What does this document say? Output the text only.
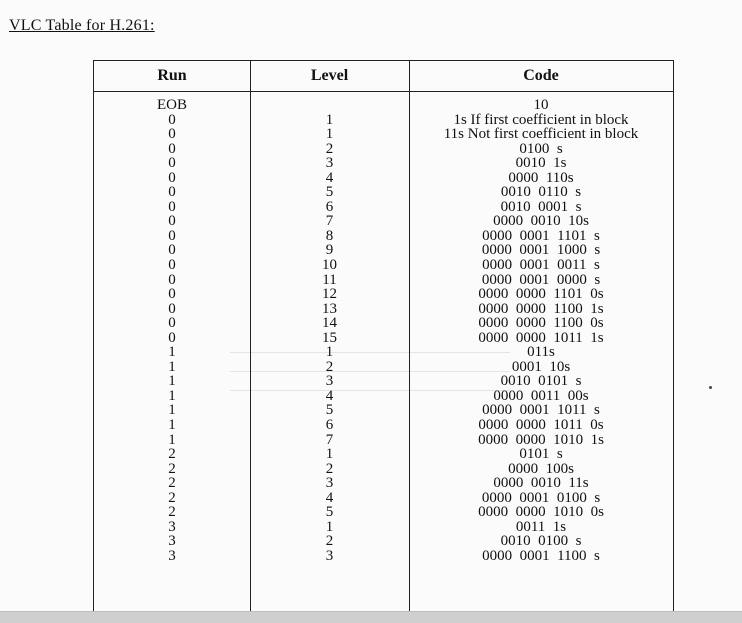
VLC Table for H.261:
Run	Level	Code
EOB
0
0
0
0
0
0
0
0
0
0
0
0
0
0
0
0
1
1
1
1
1
1
1
2
2
2
2
2
3
3
3
1
1
2
3
4
5
6
7
8
9
10
11
12
13
14
15
1
2
3
4
5
6
7
1
2
3
4
5
1
2
3
10
1s If first coefficient in block
11s Not first coefficient in block
0100  s
0010  1s
0000  110s
0010  0110  s
0010  0001  s
0000  0010  10s
0000  0001  1101  s
0000  0001  1000  s
0000  0001  0011  s
0000  0001  0000  s
0000  0000  1101  0s
0000  0000  1100  1s
0000  0000  1100  0s
0000  0000  1011  1s
011s
0001  10s
0010  0101  s
0000  0011  00s
0000  0001  1011  s
0000  0000  1011  0s
0000  0000  1010  1s
0101  s
0000  100s
0000  0010  11s
0000  0001  0100  s
0000  0000  1010  0s
0011  1s
0010  0100  s
0000  0001  1100  s
